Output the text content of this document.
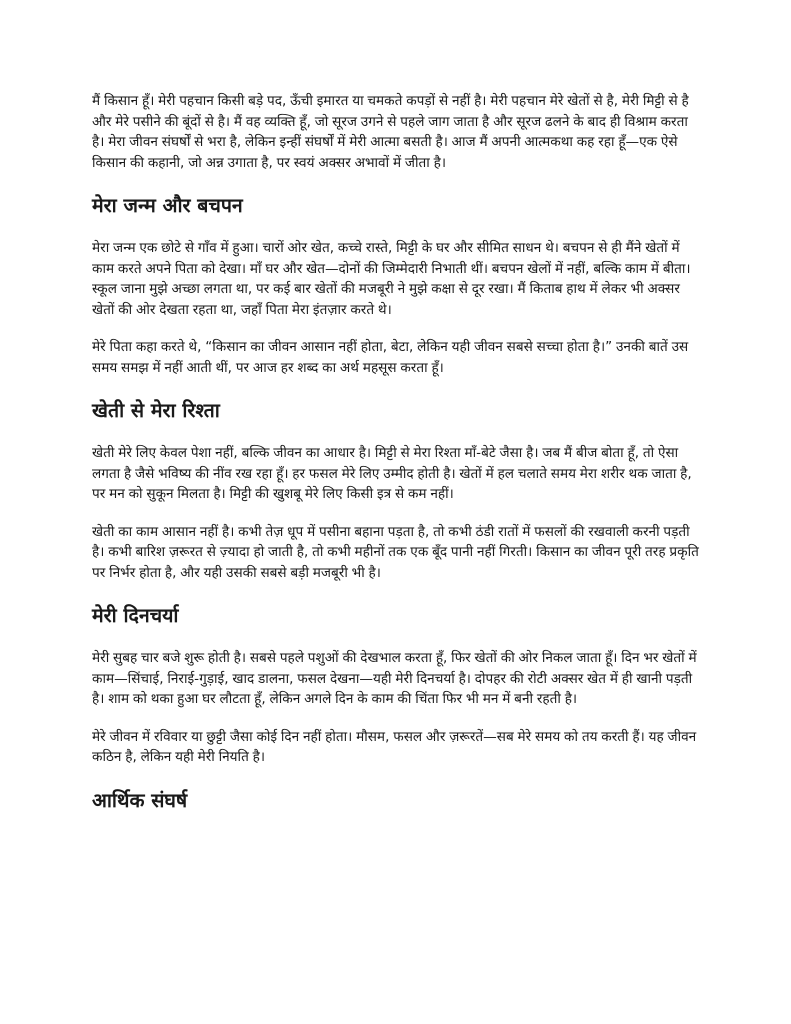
मैं किसान हूँ। मेरी पहचान किसी बड़े पद, ऊँची इमारत या चमकते कपड़ों से नहीं है। मेरी पहचान मेरे खेतों से है, मेरी मिट्टी से है और मेरे पसीने की बूंदों से है। मैं वह व्यक्ति हूँ, जो सूरज उगने से पहले जाग जाता है और सूरज ढलने के बाद ही विश्राम करता है। मेरा जीवन संघर्षों से भरा है, लेकिन इन्हीं संघर्षों में मेरी आत्मा बसती है। आज मैं अपनी आत्मकथा कह रहा हूँ—एक ऐसे किसान की कहानी, जो अन्न उगाता है, पर स्वयं अक्सर अभावों में जीता है।

मेरा जन्म और बचपन

मेरा जन्म एक छोटे से गाँव में हुआ। चारों ओर खेत, कच्चे रास्ते, मिट्टी के घर और सीमित साधन थे। बचपन से ही मैंने खेतों में काम करते अपने पिता को देखा। माँ घर और खेत—दोनों की जिम्मेदारी निभाती थीं। बचपन खेलों में नहीं, बल्कि काम में बीता। स्कूल जाना मुझे अच्छा लगता था, पर कई बार खेतों की मजबूरी ने मुझे कक्षा से दूर रखा। मैं किताब हाथ में लेकर भी अक्सर खेतों की ओर देखता रहता था, जहाँ पिता मेरा इंतज़ार करते थे।

मेरे पिता कहा करते थे, “किसान का जीवन आसान नहीं होता, बेटा, लेकिन यही जीवन सबसे सच्चा होता है।” उनकी बातें उस समय समझ में नहीं आती थीं, पर आज हर शब्द का अर्थ महसूस करता हूँ।

खेती से मेरा रिश्ता

खेती मेरे लिए केवल पेशा नहीं, बल्कि जीवन का आधार है। मिट्टी से मेरा रिश्ता माँ-बेटे जैसा है। जब मैं बीज बोता हूँ, तो ऐसा लगता है जैसे भविष्य की नींव रख रहा हूँ। हर फसल मेरे लिए उम्मीद होती है। खेतों में हल चलाते समय मेरा शरीर थक जाता है, पर मन को सुकून मिलता है। मिट्टी की खुशबू मेरे लिए किसी इत्र से कम नहीं।

खेती का काम आसान नहीं है। कभी तेज़ धूप में पसीना बहाना पड़ता है, तो कभी ठंडी रातों में फसलों की रखवाली करनी पड़ती है। कभी बारिश ज़रूरत से ज़्यादा हो जाती है, तो कभी महीनों तक एक बूँद पानी नहीं गिरती। किसान का जीवन पूरी तरह प्रकृति पर निर्भर होता है, और यही उसकी सबसे बड़ी मजबूरी भी है।

मेरी दिनचर्या

मेरी सुबह चार बजे शुरू होती है। सबसे पहले पशुओं की देखभाल करता हूँ, फिर खेतों की ओर निकल जाता हूँ। दिन भर खेतों में काम—सिंचाई, निराई-गुड़ाई, खाद डालना, फसल देखना—यही मेरी दिनचर्या है। दोपहर की रोटी अक्सर खेत में ही खानी पड़ती है। शाम को थका हुआ घर लौटता हूँ, लेकिन अगले दिन के काम की चिंता फिर भी मन में बनी रहती है।

मेरे जीवन में रविवार या छुट्टी जैसा कोई दिन नहीं होता। मौसम, फसल और ज़रूरतें—सब मेरे समय को तय करती हैं। यह जीवन कठिन है, लेकिन यही मेरी नियति है।

आर्थिक संघर्ष
